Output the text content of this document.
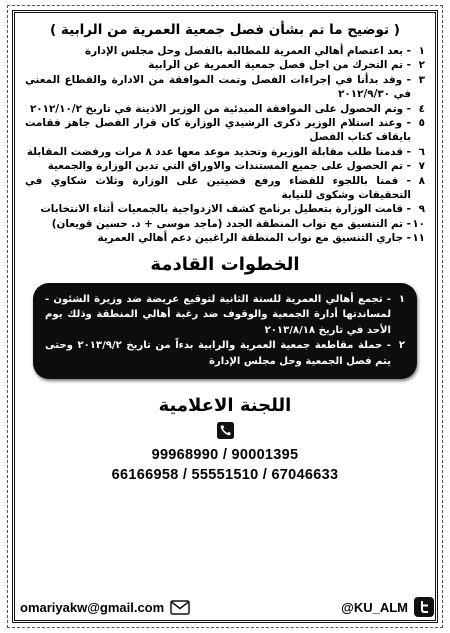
( توضيح ما تم بشأن فصل جمعية العمرية من الرابية )
١
- بعد اعتصام أهالي العمرية للمطالبة بالفصل وحل مجلس الإدارة
٢
- تم التحرك من اجل فصل جمعية العمرية عن الرابية
٣
- وقد بدأنا في إجراءات الفصل وتمت الموافقة من الادارة والقطاع المعني في ٢٠١٢/٩/٣٠
٤
- وتم الحصول على الموافقة المبدئية من الوزير الاذينة في تاريخ ٢٠١٢/١٠/٢
٥
- وعند استلام الوزير ذكرى الرشيدي الوزارة كان قرار الفصل جاهز فقامت بايقاف كتاب الفصل
٦
- قدمنا طلب مقابلة الوزيرة وتحديد موعد معها عدد ٨ مرات ورفضت المقابلة
٧
- تم الحصول على جميع المستندات والاوراق التي تدين الوزارة والجمعية
٨
- قمنا باللجوء للقضاء ورفع قضيتين على الوزارة وثلاث شكاوي في التحقيقات وشكوى للنيابة
٩
- قامت الوزارة بتعطيل برنامج كشف الازدواجية بالجمعيات أثناء الانتخابات
١٠
- تم التنسيق مع نواب المنطقة الجدد (ماجد موسى + د. حسين قويعان)
١١
- جاري التنسيق مع نواب المنطقة الراغبين دعم أهالي العمرية
الخطوات القادمة
١
- تجمع أهالي العمرية للسنة الثانية لتوقيع عريضة ضد وزيرة الشئون - لمساندتها أدارة الجمعية والوقوف ضد رغبة أهالي المنطقة وذلك يوم الأحد في تاريخ ٢٠١٣/٨/١٨
٢
- حملة مقاطعة جمعية العمرية والرابية بدءاً من تاريخ ٢٠١٣/٩/٢ وحتى يتم فصل الجمعية وحل مجلس الإدارة
اللجنة الاعلامية
99968990 / 90001395
66166958 / 55551510 / 67046633
omariyakw@gmail.com	@KU_ALM
